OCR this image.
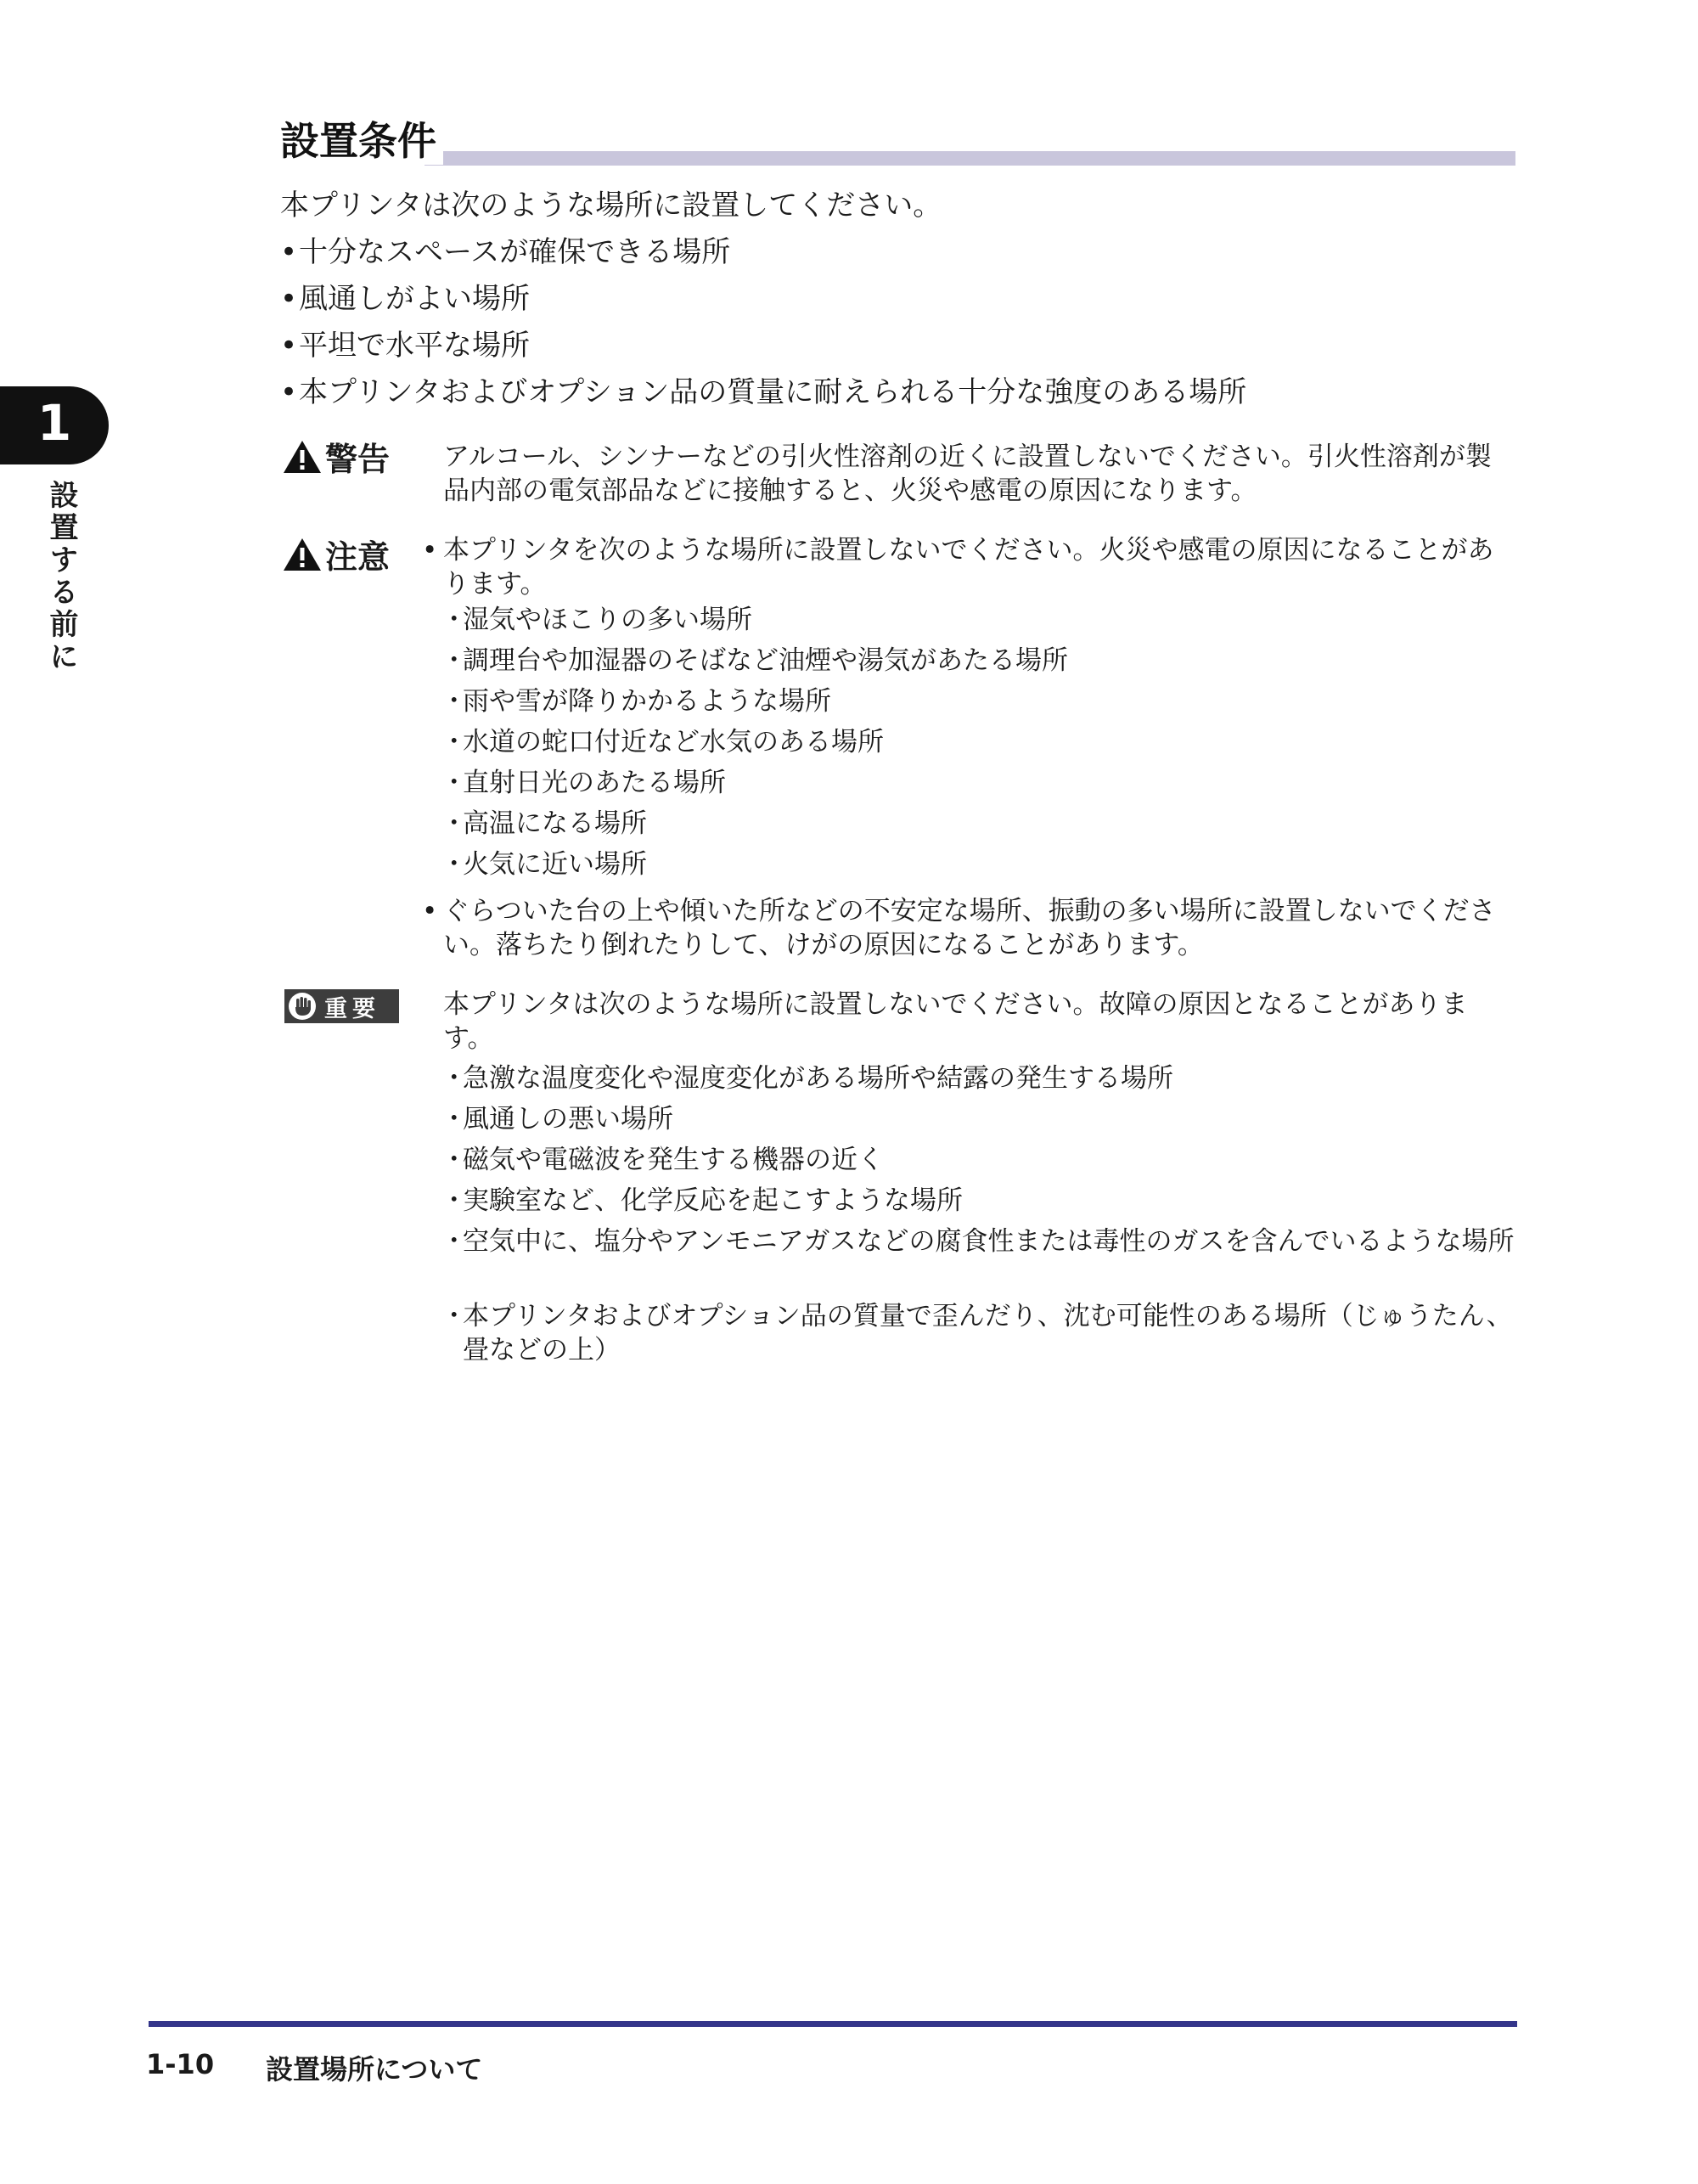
設置条件
本プリンタは次のような場所に設置してください。
•十分なスペースが確保できる場所
•風通しがよい場所
•平坦で水平な場所
•本プリンタおよびオプション品の質量に耐えられる十分な強度のある場所
1
設置する前に
警告 アルコール、シンナーなどの引火性溶剤の近くに設置しないでください。引火性溶剤が製品内部の電気部品などに接触すると、火災や感電の原因になります。
注意 • 本プリンタを次のような場所に設置しないでください。火災や感電の原因になることがあります。
･湿気やほこりの多い場所
･調理台や加湿器のそばなど油煙や湯気があたる場所
･雨や雪が降りかかるような場所
･水道の蛇口付近など水気のある場所
･直射日光のあたる場所
･高温になる場所
･火気に近い場所
• ぐらついた台の上や傾いた所などの不安定な場所、振動の多い場所に設置しないでください。落ちたり倒れたりして、けがの原因になることがあります。
重要 本プリンタは次のような場所に設置しないでください。故障の原因となることがあります。
･ 急激な温度変化や湿度変化がある場所や結露の発生する場所
･ 風通しの悪い場所
･ 磁気や電磁波を発生する機器の近く
･ 実験室など、化学反応を起こすような場所
･ 空気中に、塩分やアンモニアガスなどの腐食性または毒性のガスを含んでいるような場所
･ 本プリンタおよびオプション品の質量で歪んだり、沈む可能性のある場所（じゅうたん、畳などの上）
1-10 設置場所について
